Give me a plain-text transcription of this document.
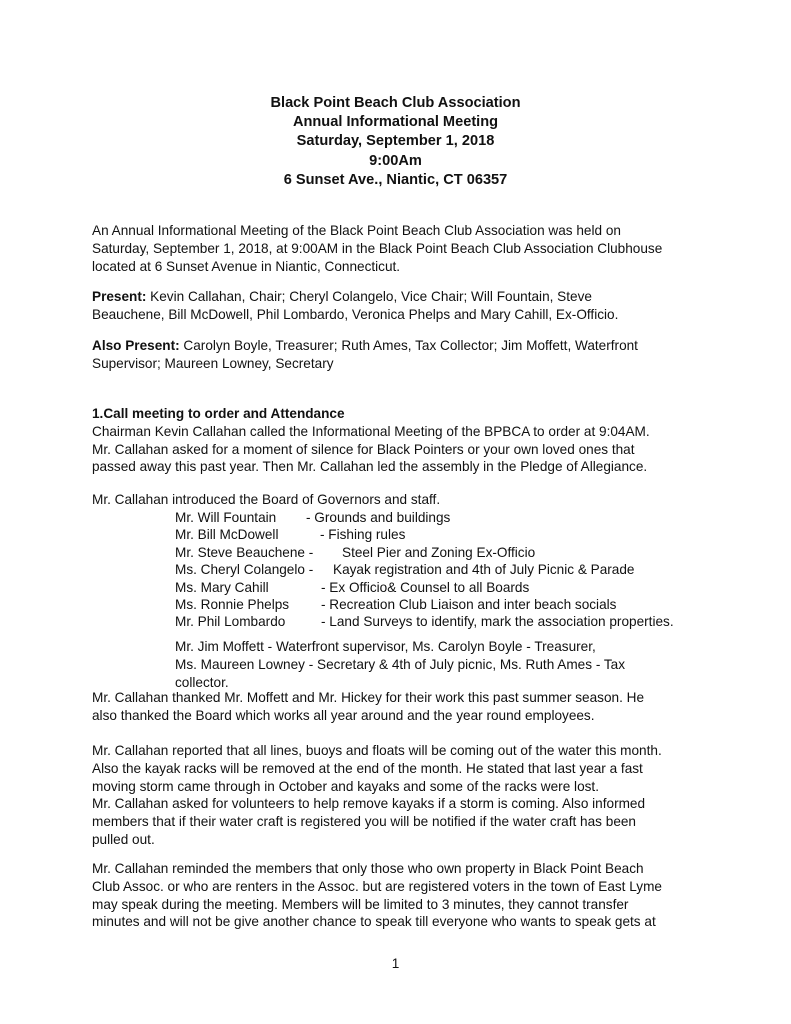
Black Point Beach Club Association
Annual Informational Meeting
Saturday, September 1, 2018
9:00Am
6 Sunset Ave., Niantic, CT 06357

An Annual Informational Meeting of the Black Point Beach Club Association was held on

Saturday, September 1, 2018, at 9:00AM in the Black Point Beach Club Association Clubhouse

located at 6 Sunset Avenue in Niantic, Connecticut.

Present: Kevin Callahan, Chair; Cheryl Colangelo, Vice Chair; Will Fountain, Steve

Beauchene, Bill McDowell, Phil Lombardo, Veronica Phelps and Mary Cahill, Ex-Officio.

Also Present: Carolyn Boyle, Treasurer; Ruth Ames, Tax Collector; Jim Moffett, Waterfront

Supervisor; Maureen Lowney, Secretary

1.Call meeting to order and Attendance

Chairman Kevin Callahan called the Informational Meeting of the BPBCA to order at 9:04AM.

Mr. Callahan asked for a moment of silence for Black Pointers or your own loved ones that

passed away this past year. Then Mr. Callahan led the assembly in the Pledge of Allegiance.

Mr. Callahan introduced the Board of Governors and staff.

Mr. Will Fountain - Grounds and buildings
Mr. Bill McDowell	- Fishing rules
Mr. Steve Beauchene - Steel Pier and Zoning Ex-Officio
Ms. Cheryl Colangelo - Kayak registration and 4th of July Picnic & Parade
Ms. Mary Cahill	- Ex Officio& Counsel to all Boards
Ms. Ronnie Phelps - Recreation Club Liaison and inter beach socials
Mr. Phil Lombardo	- Land Surveys to identify, mark the association properties.

Mr. Jim Moffett - Waterfront supervisor, Ms. Carolyn Boyle - Treasurer,

Ms. Maureen Lowney - Secretary & 4th of July picnic, Ms. Ruth Ames - Tax

collector.

Mr. Callahan thanked Mr. Moffett and Mr. Hickey for their work this past summer season. He

also thanked the Board which works all year around and the year round employees.

Mr. Callahan reported that all lines, buoys and floats will be coming out of the water this month.

Also the kayak racks will be removed at the end of the month. He stated that last year a fast

moving storm came through in October and kayaks and some of the racks were lost.

Mr. Callahan asked for volunteers to help remove kayaks if a storm is coming. Also informed

members that if their water craft is registered you will be notified if the water craft has been

pulled out.

Mr. Callahan reminded the members that only those who own property in Black Point Beach

Club Assoc. or who are renters in the Assoc. but are registered voters in the town of East Lyme

may speak during the meeting. Members will be limited to 3 minutes, they cannot transfer

minutes and will not be give another chance to speak till everyone who wants to speak gets at

1
